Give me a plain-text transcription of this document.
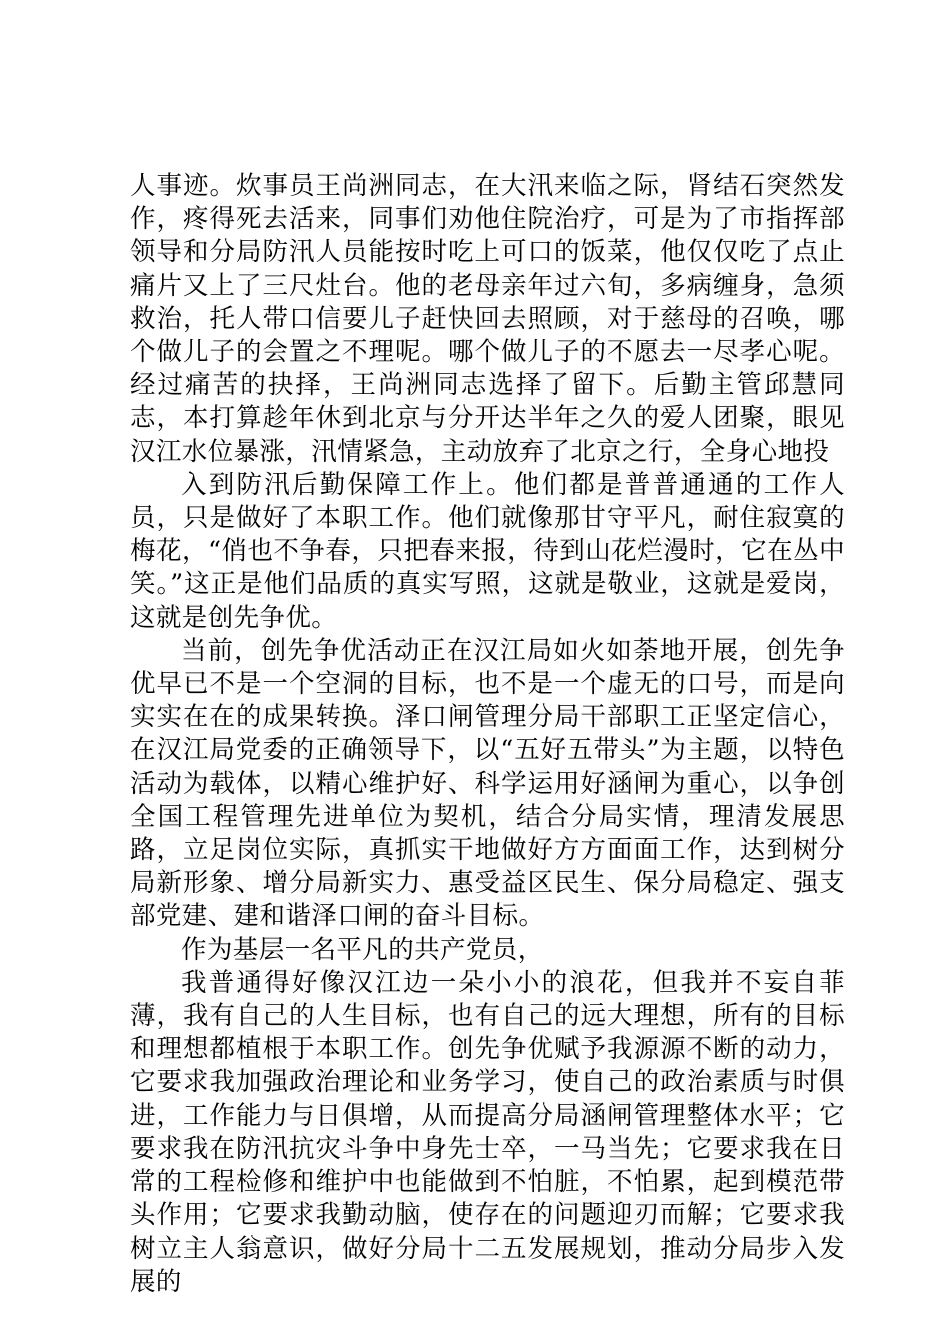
人事迹。炊事员王尚洲同志，在大汛来临之际，肾结石突然发作，疼得死去活来，同事们劝他住院治疗，可是为了市指挥部领导和分局防汛人员能按时吃上可口的饭菜，他仅仅吃了点止痛片又上了三尺灶台。他的老母亲年过六旬，多病缠身，急须救治，托人带口信要儿子赶快回去照顾，对于慈母的召唤，哪个做儿子的会置之不理呢。哪个做儿子的不愿去一尽孝心呢。经过痛苦的抉择，王尚洲同志选择了留下。后勤主管邱慧同志，本打算趁年休到北京与分开达半年之久的爱人团聚，眼见汉江水位暴涨，汛情紧急，主动放弃了北京之行，全身心地投

入到防汛后勤保障工作上。他们都是普普通通的工作人员，只是做好了本职工作。他们就像那甘守平凡，耐住寂寞的梅花，“俏也不争春，只把春来报，待到山花烂漫时，它在丛中笑。”这正是他们品质的真实写照，这就是敬业，这就是爱岗，这就是创先争优。

当前，创先争优活动正在汉江局如火如荼地开展，创先争优早已不是一个空洞的目标，也不是一个虚无的口号，而是向实实在在的成果转换。泽口闸管理分局干部职工正坚定信心，在汉江局党委的正确领导下，以“五好五带头”为主题，以特色活动为载体，以精心维护好、科学运用好涵闸为重心，以争创全国工程管理先进单位为契机，结合分局实情，理清发展思路，立足岗位实际，真抓实干地做好方方面面工作，达到树分局新形象、增分局新实力、惠受益区民生、保分局稳定、强支部党建、建和谐泽口闸的奋斗目标。

作为基层一名平凡的共产党员，

我普通得好像汉江边一朵小小的浪花，但我并不妄自菲薄，我有自己的人生目标，也有自己的远大理想，所有的目标和理想都植根于本职工作。创先争优赋予我源源不断的动力，它要求我加强政治理论和业务学习，使自己的政治素质与时俱进，工作能力与日俱增，从而提高分局涵闸管理整体水平；它要求我在防汛抗灾斗争中身先士卒，一马当先；它要求我在日常的工程检修和维护中也能做到不怕脏，不怕累，起到模范带头作用；它要求我勤动脑，使存在的问题迎刃而解；它要求我树立主人翁意识，做好分局十二五发展规划，推动分局步入发展的
